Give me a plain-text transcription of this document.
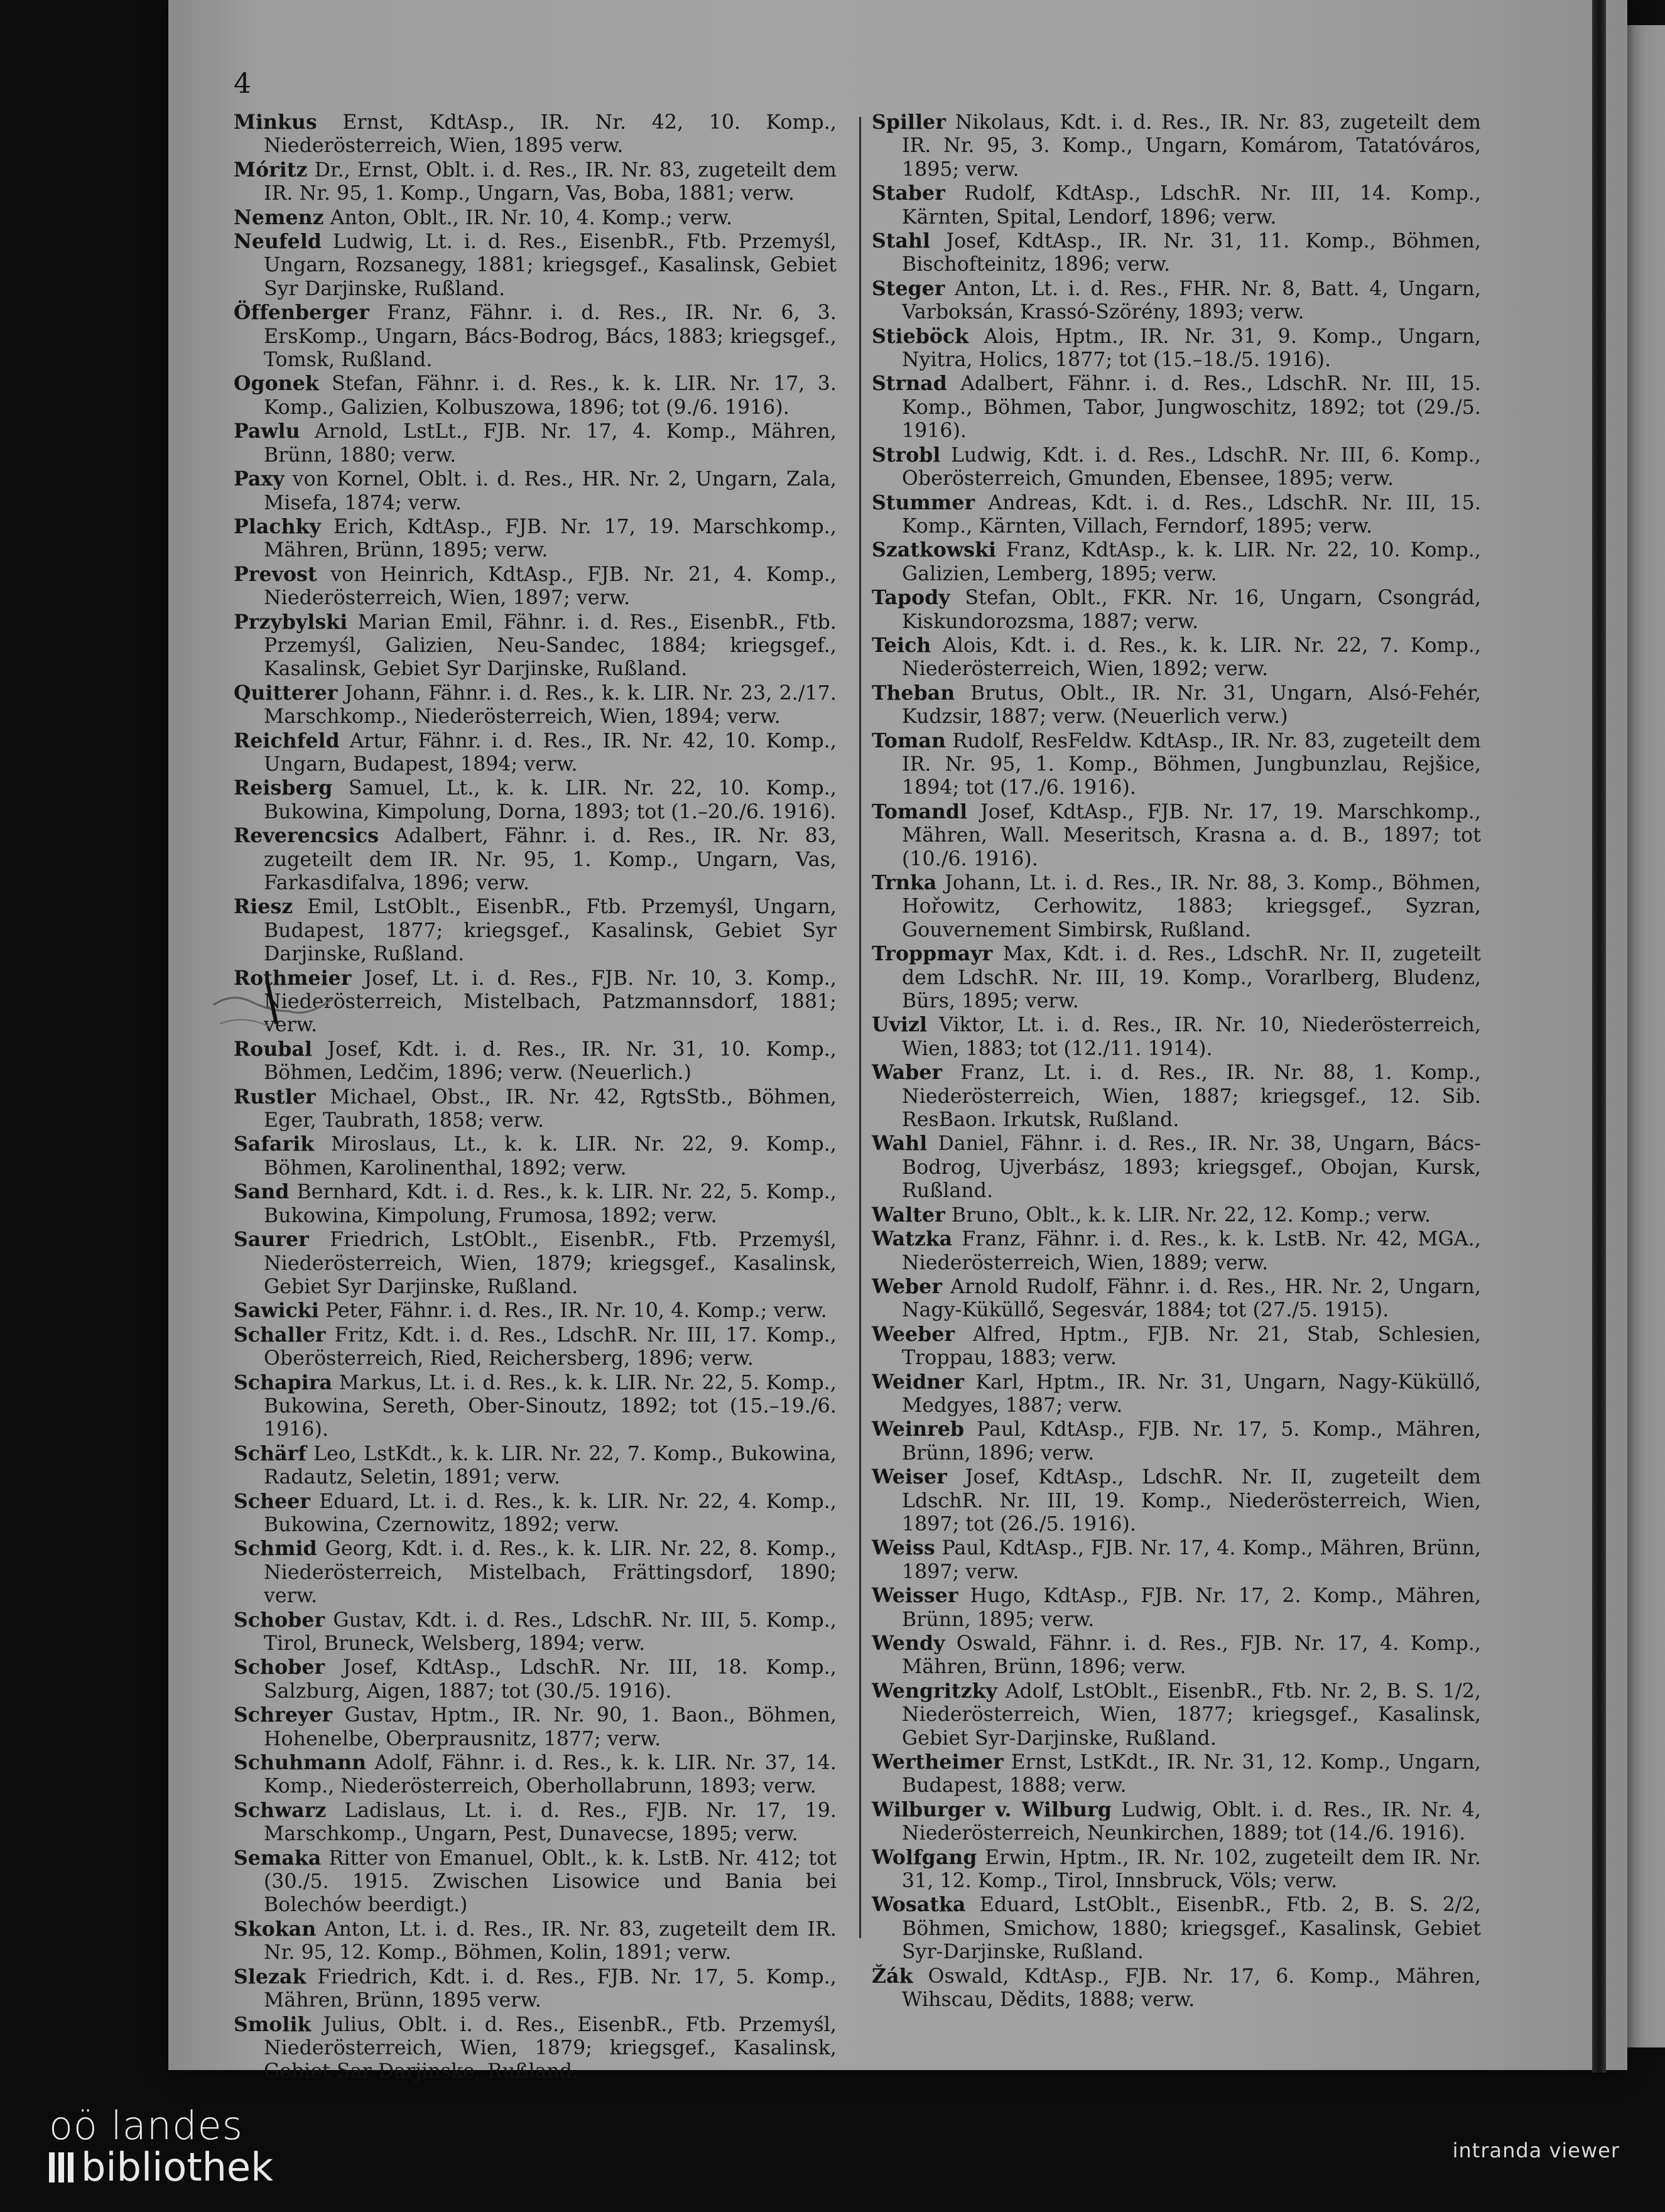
4
Minkus Ernst, KdtAsp., IR. Nr. 42, 10. Komp., Niederösterreich, Wien, 1895 verw.
Móritz Dr., Ernst, Oblt. i. d. Res., IR. Nr. 83, zugeteilt dem IR. Nr. 95, 1. Komp., Ungarn, Vas, Boba, 1881; verw.
Nemenz Anton, Oblt., IR. Nr. 10, 4. Komp.; verw.
Neufeld Ludwig, Lt. i. d. Res., EisenbR., Ftb. Przemyśl, Ungarn, Rozsanegy, 1881; kriegsgef., Kasalinsk, Gebiet Syr Darjinske, Rußland.
Öffenberger Franz, Fähnr. i. d. Res., IR. Nr. 6, 3. ErsKomp., Ungarn, Bács-Bodrog, Bács, 1883; kriegsgef., Tomsk, Rußland.
Ogonek Stefan, Fähnr. i. d. Res., k. k. LIR. Nr. 17, 3. Komp., Galizien, Kolbuszowa, 1896; tot (9./6. 1916).
Pawlu Arnold, LstLt., FJB. Nr. 17, 4. Komp., Mähren, Brünn, 1880; verw.
Paxy von Kornel, Oblt. i. d. Res., HR. Nr. 2, Ungarn, Zala, Misefa, 1874; verw.
Plachky Erich, KdtAsp., FJB. Nr. 17, 19. Marschkomp., Mähren, Brünn, 1895; verw.
Prevost von Heinrich, KdtAsp., FJB. Nr. 21, 4. Komp., Niederösterreich, Wien, 1897; verw.
Przybylski Marian Emil, Fähnr. i. d. Res., EisenbR., Ftb. Przemyśl, Galizien, Neu-Sandec, 1884; kriegsgef., Kasalinsk, Gebiet Syr Darjinske, Rußland.
Quitterer Johann, Fähnr. i. d. Res., k. k. LIR. Nr. 23, 2./17. Marschkomp., Niederösterreich, Wien, 1894; verw.
Reichfeld Artur, Fähnr. i. d. Res., IR. Nr. 42, 10. Komp., Ungarn, Budapest, 1894; verw.
Reisberg Samuel, Lt., k. k. LIR. Nr. 22, 10. Komp., Bukowina, Kimpolung, Dorna, 1893; tot (1.–20./6. 1916).
Reverencsics Adalbert, Fähnr. i. d. Res., IR. Nr. 83, zugeteilt dem IR. Nr. 95, 1. Komp., Ungarn, Vas, Farkasdifalva, 1896; verw.
Riesz Emil, LstOblt., EisenbR., Ftb. Przemyśl, Ungarn, Budapest, 1877; kriegsgef., Kasalinsk, Gebiet Syr Darjinske, Rußland.
Rothmeier Josef, Lt. i. d. Res., FJB. Nr. 10, 3. Komp., Niederösterreich, Mistelbach, Patzmannsdorf, 1881; verw.
Roubal Josef, Kdt. i. d. Res., IR. Nr. 31, 10. Komp., Böhmen, Ledčim, 1896; verw. (Neuerlich.)
Rustler Michael, Obst., IR. Nr. 42, RgtsStb., Böhmen, Eger, Taubrath, 1858; verw.
Safarik Miroslaus, Lt., k. k. LIR. Nr. 22, 9. Komp., Böhmen, Karolinenthal, 1892; verw.
Sand Bernhard, Kdt. i. d. Res., k. k. LIR. Nr. 22, 5. Komp., Bukowina, Kimpolung, Frumosa, 1892; verw.
Saurer Friedrich, LstOblt., EisenbR., Ftb. Przemyśl, Niederösterreich, Wien, 1879; kriegsgef., Kasalinsk, Gebiet Syr Darjinske, Rußland.
Sawicki Peter, Fähnr. i. d. Res., IR. Nr. 10, 4. Komp.; verw.
Schaller Fritz, Kdt. i. d. Res., LdschR. Nr. III, 17. Komp., Oberösterreich, Ried, Reichersberg, 1896; verw.
Schapira Markus, Lt. i. d. Res., k. k. LIR. Nr. 22, 5. Komp., Bukowina, Sereth, Ober-Sinoutz, 1892; tot (15.–19./6. 1916).
Schärf Leo, LstKdt., k. k. LIR. Nr. 22, 7. Komp., Bukowina, Radautz, Seletin, 1891; verw.
Scheer Eduard, Lt. i. d. Res., k. k. LIR. Nr. 22, 4. Komp., Bukowina, Czernowitz, 1892; verw.
Schmid Georg, Kdt. i. d. Res., k. k. LIR. Nr. 22, 8. Komp., Niederösterreich, Mistelbach, Frättingsdorf, 1890; verw.
Schober Gustav, Kdt. i. d. Res., LdschR. Nr. III, 5. Komp., Tirol, Bruneck, Welsberg, 1894; verw.
Schober Josef, KdtAsp., LdschR. Nr. III, 18. Komp., Salzburg, Aigen, 1887; tot (30./5. 1916).
Schreyer Gustav, Hptm., IR. Nr. 90, 1. Baon., Böhmen, Hohenelbe, Oberprausnitz, 1877; verw.
Schuhmann Adolf, Fähnr. i. d. Res., k. k. LIR. Nr. 37, 14. Komp., Niederösterreich, Oberhollabrunn, 1893; verw.
Schwarz Ladislaus, Lt. i. d. Res., FJB. Nr. 17, 19. Marschkomp., Ungarn, Pest, Dunavecse, 1895; verw.
Semaka Ritter von Emanuel, Oblt., k. k. LstB. Nr. 412; tot (30./5. 1915. Zwischen Lisowice und Bania bei Bolechów beerdigt.)
Skokan Anton, Lt. i. d. Res., IR. Nr. 83, zugeteilt dem IR. Nr. 95, 12. Komp., Böhmen, Kolin, 1891; verw.
Slezak Friedrich, Kdt. i. d. Res., FJB. Nr. 17, 5. Komp., Mähren, Brünn, 1895 verw.
Smolik Julius, Oblt. i. d. Res., EisenbR., Ftb. Przemyśl, Niederösterreich, Wien, 1879; kriegsgef., Kasalinsk, Gebiet Sar Darjinske, Rußland.
Spiller Nikolaus, Kdt. i. d. Res., IR. Nr. 83, zugeteilt dem IR. Nr. 95, 3. Komp., Ungarn, Komárom, Tatatóváros, 1895; verw.
Staber Rudolf, KdtAsp., LdschR. Nr. III, 14. Komp., Kärnten, Spital, Lendorf, 1896; verw.
Stahl Josef, KdtAsp., IR. Nr. 31, 11. Komp., Böhmen, Bischofteinitz, 1896; verw.
Steger Anton, Lt. i. d. Res., FHR. Nr. 8, Batt. 4, Ungarn, Varboksán, Krassó-Szörény, 1893; verw.
Stieböck Alois, Hptm., IR. Nr. 31, 9. Komp., Ungarn, Nyitra, Holics, 1877; tot (15.–18./5. 1916).
Strnad Adalbert, Fähnr. i. d. Res., LdschR. Nr. III, 15. Komp., Böhmen, Tabor, Jungwoschitz, 1892; tot (29./5. 1916).
Strobl Ludwig, Kdt. i. d. Res., LdschR. Nr. III, 6. Komp., Oberösterreich, Gmunden, Ebensee, 1895; verw.
Stummer Andreas, Kdt. i. d. Res., LdschR. Nr. III, 15. Komp., Kärnten, Villach, Ferndorf, 1895; verw.
Szatkowski Franz, KdtAsp., k. k. LIR. Nr. 22, 10. Komp., Galizien, Lemberg, 1895; verw.
Tapody Stefan, Oblt., FKR. Nr. 16, Ungarn, Csongrád, Kiskundorozsma, 1887; verw.
Teich Alois, Kdt. i. d. Res., k. k. LIR. Nr. 22, 7. Komp., Niederösterreich, Wien, 1892; verw.
Theban Brutus, Oblt., IR. Nr. 31, Ungarn, Alsó-Fehér, Kudzsir, 1887; verw. (Neuerlich verw.)
Toman Rudolf, ResFeldw. KdtAsp., IR. Nr. 83, zugeteilt dem IR. Nr. 95, 1. Komp., Böhmen, Jungbunzlau, Rejšice, 1894; tot (17./6. 1916).
Tomandl Josef, KdtAsp., FJB. Nr. 17, 19. Marschkomp., Mähren, Wall. Meseritsch, Krasna a. d. B., 1897; tot (10./6. 1916).
Trnka Johann, Lt. i. d. Res., IR. Nr. 88, 3. Komp., Böhmen, Hořowitz, Cerhowitz, 1883; kriegsgef., Syzran, Gouvernement Simbirsk, Rußland.
Troppmayr Max, Kdt. i. d. Res., LdschR. Nr. II, zugeteilt dem LdschR. Nr. III, 19. Komp., Vorarlberg, Bludenz, Bürs, 1895; verw.
Uvizl Viktor, Lt. i. d. Res., IR. Nr. 10, Niederösterreich, Wien, 1883; tot (12./11. 1914).
Waber Franz, Lt. i. d. Res., IR. Nr. 88, 1. Komp., Niederösterreich, Wien, 1887; kriegsgef., 12. Sib. ResBaon. Irkutsk, Rußland.
Wahl Daniel, Fähnr. i. d. Res., IR. Nr. 38, Ungarn, Bács-Bodrog, Ujverbász, 1893; kriegsgef., Obojan, Kursk, Rußland.
Walter Bruno, Oblt., k. k. LIR. Nr. 22, 12. Komp.; verw.
Watzka Franz, Fähnr. i. d. Res., k. k. LstB. Nr. 42, MGA., Niederösterreich, Wien, 1889; verw.
Weber Arnold Rudolf, Fähnr. i. d. Res., HR. Nr. 2, Ungarn, Nagy-Küküllő, Segesvár, 1884; tot (27./5. 1915).
Weeber Alfred, Hptm., FJB. Nr. 21, Stab, Schlesien, Troppau, 1883; verw.
Weidner Karl, Hptm., IR. Nr. 31, Ungarn, Nagy-Küküllő, Medgyes, 1887; verw.
Weinreb Paul, KdtAsp., FJB. Nr. 17, 5. Komp., Mähren, Brünn, 1896; verw.
Weiser Josef, KdtAsp., LdschR. Nr. II, zugeteilt dem LdschR. Nr. III, 19. Komp., Niederösterreich, Wien, 1897; tot (26./5. 1916).
Weiss Paul, KdtAsp., FJB. Nr. 17, 4. Komp., Mähren, Brünn, 1897; verw.
Weisser Hugo, KdtAsp., FJB. Nr. 17, 2. Komp., Mähren, Brünn, 1895; verw.
Wendy Oswald, Fähnr. i. d. Res., FJB. Nr. 17, 4. Komp., Mähren, Brünn, 1896; verw.
Wengritzky Adolf, LstOblt., EisenbR., Ftb. Nr. 2, B. S. 1/2, Niederösterreich, Wien, 1877; kriegsgef., Kasalinsk, Gebiet Syr-Darjinske, Rußland.
Wertheimer Ernst, LstKdt., IR. Nr. 31, 12. Komp., Ungarn, Budapest, 1888; verw.
Wilburger v. Wilburg Ludwig, Oblt. i. d. Res., IR. Nr. 4, Niederösterreich, Neunkirchen, 1889; tot (14./6. 1916).
Wolfgang Erwin, Hptm., IR. Nr. 102, zugeteilt dem IR. Nr. 31, 12. Komp., Tirol, Innsbruck, Völs; verw.
Wosatka Eduard, LstOblt., EisenbR., Ftb. 2, B. S. 2/2, Böhmen, Smichow, 1880; kriegsgef., Kasalinsk, Gebiet Syr-Darjinske, Rußland.
Žák Oswald, KdtAsp., FJB. Nr. 17, 6. Komp., Mähren, Wihscau, Dědits, 1888; verw.
oö landes
bibliothek	intranda viewer
